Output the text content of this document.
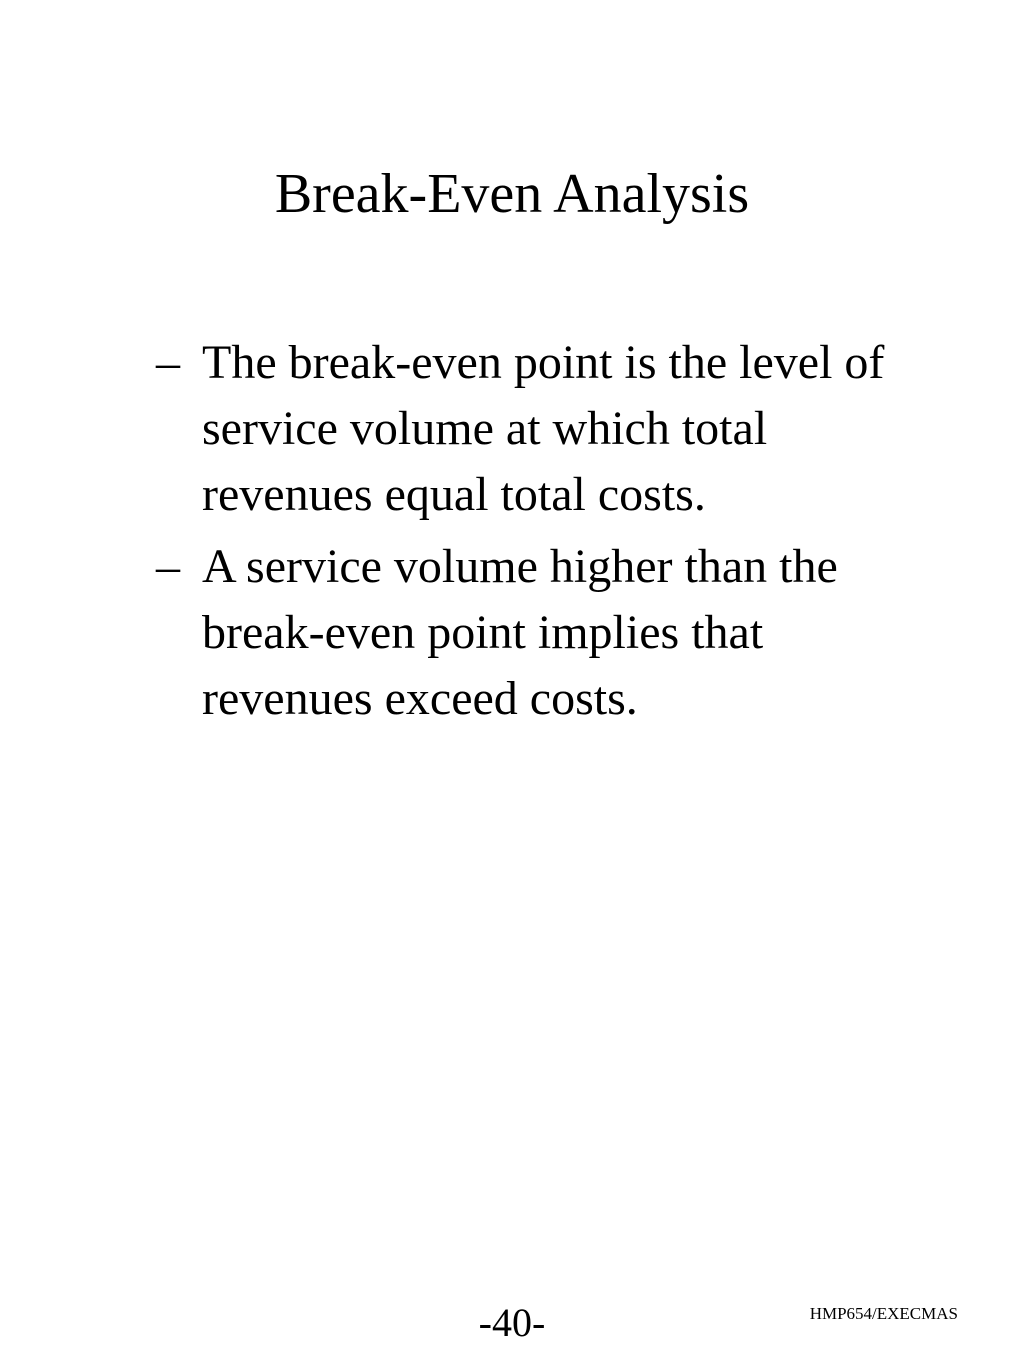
Break-Even Analysis
– The break-even point is the level of service volume at which total revenues equal total costs.
– A service volume higher than the break-even point implies that revenues exceed costs.
-40-	HMP654/EXECMAS
